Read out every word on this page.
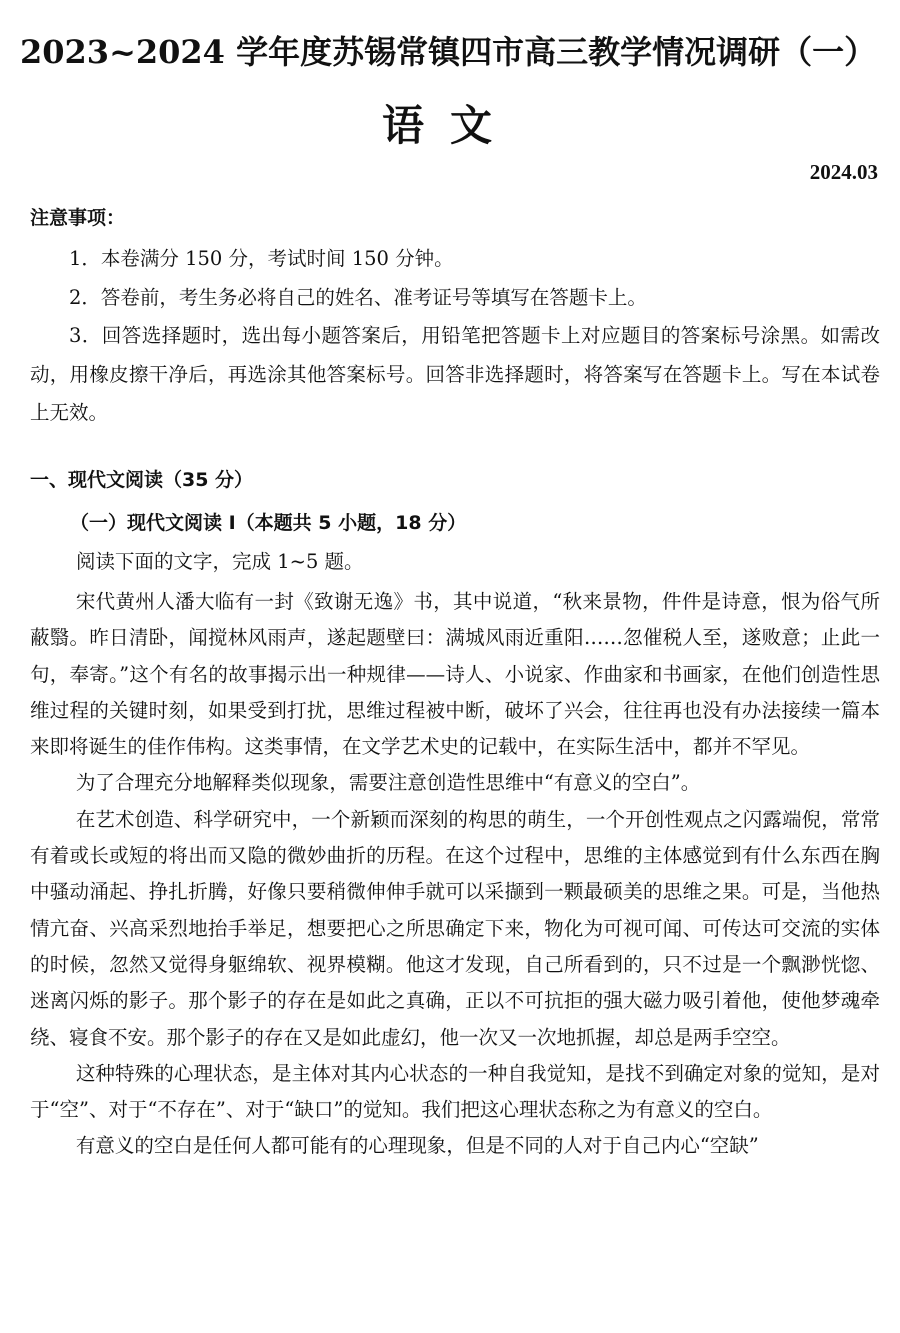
2023~2024 学年度苏锡常镇四市高三教学情况调研（一）
语文
2024.03
注意事项：

1．本卷满分 150 分，考试时间 150 分钟。

2．答卷前，考生务必将自己的姓名、准考证号等填写在答题卡上。

3．回答选择题时，选出每小题答案后，用铅笔把答题卡上对应题目的答案标号涂黑。如需改动，用橡皮擦干净后，再选涂其他答案标号。回答非选择题时，将答案写在答题卡上。写在本试卷上无效。

一、现代文阅读（35 分）
（一）现代文阅读 I（本题共 5 小题，18 分）
阅读下面的文字，完成 1~5 题。

宋代黄州人潘大临有一封《致谢无逸》书，其中说道，“秋来景物，件件是诗意，恨为俗气所蔽翳。昨日清卧，闻搅林风雨声，遂起题壁曰：满城风雨近重阳……忽催税人至，遂败意；止此一句，奉寄。”这个有名的故事揭示出一种规律——诗人、小说家、作曲家和书画家，在他们创造性思维过程的关键时刻，如果受到打扰，思维过程被中断，破坏了兴会，往往再也没有办法接续一篇本来即将诞生的佳作伟构。这类事情，在文学艺术史的记载中，在实际生活中，都并不罕见。

为了合理充分地解释类似现象，需要注意创造性思维中“有意义的空白”。

在艺术创造、科学研究中，一个新颖而深刻的构思的萌生，一个开创性观点之闪露端倪，常常有着或长或短的将出而又隐的微妙曲折的历程。在这个过程中，思维的主体感觉到有什么东西在胸中骚动涌起、挣扎折腾，好像只要稍微伸伸手就可以采撷到一颗最硕美的思维之果。可是，当他热情亢奋、兴高采烈地抬手举足，想要把心之所思确定下来，物化为可视可闻、可传达可交流的实体的时候，忽然又觉得身躯绵软、视界模糊。他这才发现，自己所看到的，只不过是一个飘渺恍惚、迷离闪烁的影子。那个影子的存在是如此之真确，正以不可抗拒的强大磁力吸引着他，使他梦魂牵绕、寝食不安。那个影子的存在又是如此虚幻，他一次又一次地抓握，却总是两手空空。

这种特殊的心理状态，是主体对其内心状态的一种自我觉知，是找不到确定对象的觉知，是对于“空”、对于“不存在”、对于“缺口”的觉知。我们把这心理状态称之为有意义的空白。

有意义的空白是任何人都可能有的心理现象，但是不同的人对于自己内心“空缺”
